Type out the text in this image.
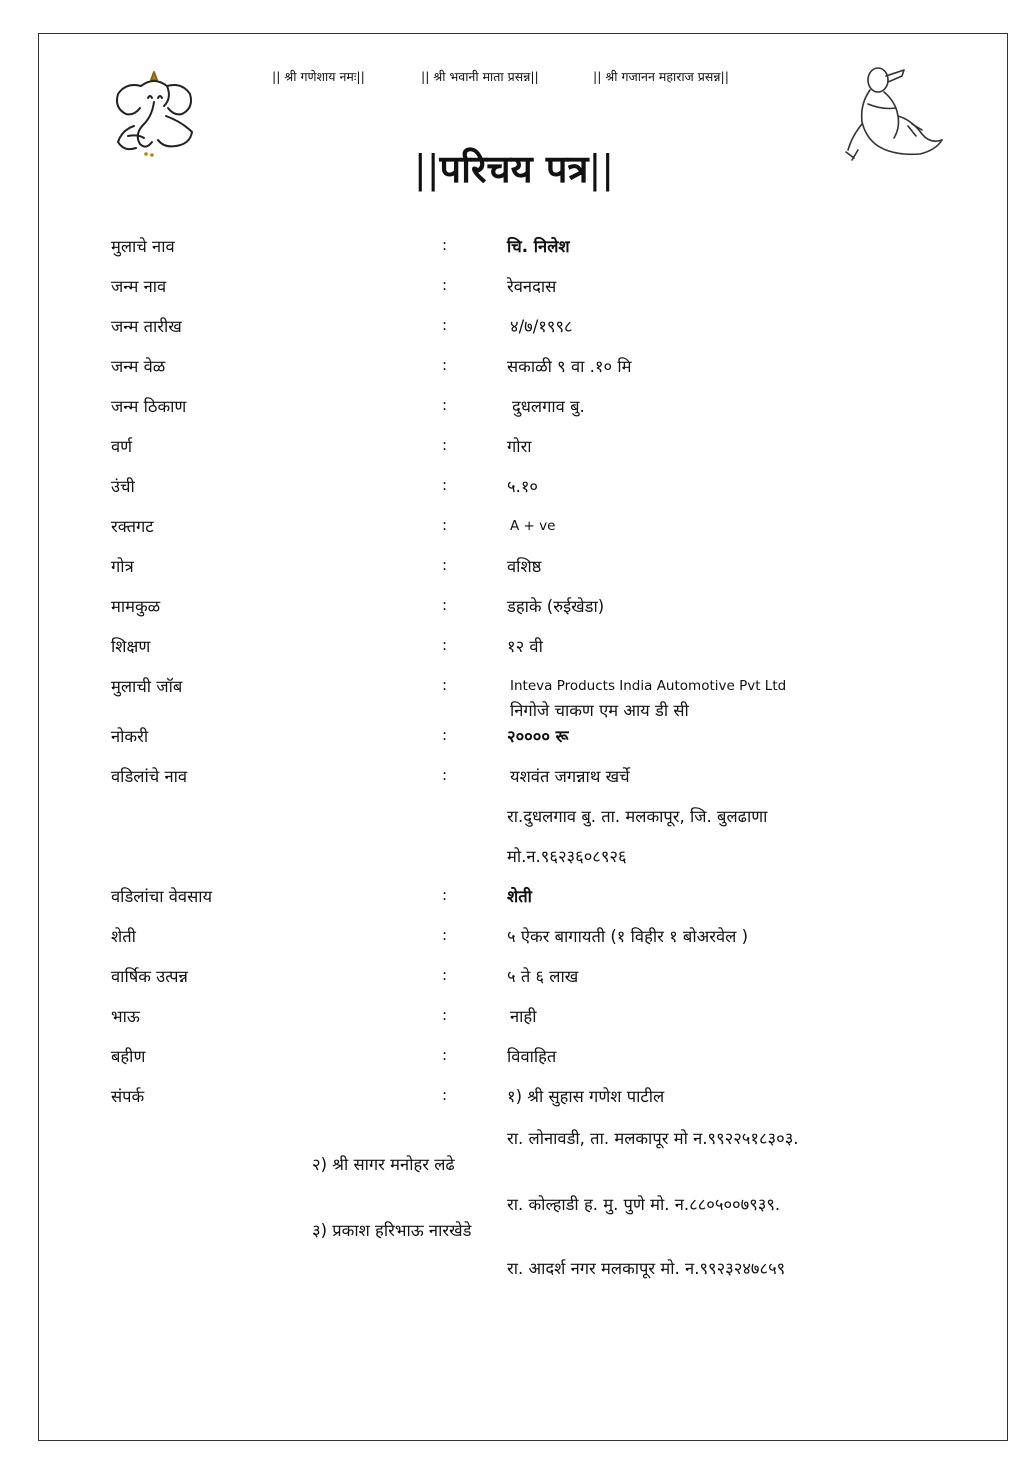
|| श्री गणेशाय नमः||	|| श्री भवानी माता प्रसन्न||	|| श्री गजानन महाराज प्रसन्न||
||परिचय पत्र||
मुलाचे नाव	:	चि. निलेश
जन्म नाव	:	रेवनदास
जन्म तारीख	:	४/७/१९९८
जन्म वेळ	:	सकाळी ९ वा .१० मि
जन्म ठिकाण	:	दुधलगाव बु.
वर्ण	:	गोरा
उंची	:	५.१०
रक्तगट	:	A + ve
गोत्र	:	वशिष्ठ
मामकुळ	:	डहाके (रुईखेडा)
शिक्षण	:	१२ वी
मुलाची जॉब	:	Inteva Products India Automotive Pvt Ltd
निगोजे चाकण एम आय डी सी
नोकरी	:	२०००० रू
वडिलांचे नाव	:	यशवंत जगन्नाथ खर्चे
रा.दुधलगाव बु. ता. मलकापूर, जि. बुलढाणा
मो.न.९६२३६०८९२६
वडिलांचा वेवसाय	:	शेती
शेती	:	५ ऐकर बागायती (१ विहीर १ बोअरवेल )
वार्षिक उत्पन्न	:	५ ते ६ लाख
भाऊ	:	नाही
बहीण	:	विवाहित
संपर्क	:	१) श्री सुहास गणेश पाटील
रा. लोनावडी, ता. मलकापूर मो न.९९२२५१८३०३.
२) श्री सागर मनोहर लढे
रा. कोल्हाडी ह. मु. पुणे मो. न.८८०५००७९३९.
३) प्रकाश हरिभाऊ नारखेडे
रा. आदर्श नगर मलकापूर मो. न.९९२३२४७८५९
